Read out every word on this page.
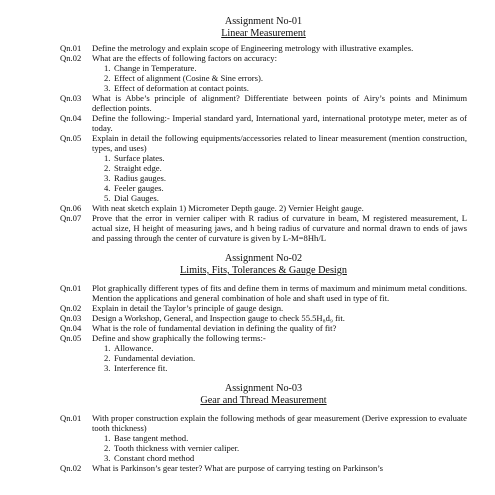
Assignment No-01
Linear Measurement
Qn.01 Define the metrology and explain scope of Engineering metrology with illustrative examples.
Qn.02 What are the effects of following factors on accuracy:
1. Change in Temperature.
2. Effect of alignment (Cosine & Sine errors).
3. Effect of deformation at contact points.
Qn.03 What is Abbe’s principle of alignment? Differentiate between points of Airy’s points and Minimum deflection points.
Qn.04 Define the following:- Imperial standard yard, International yard, international prototype meter, meter as of today.
Qn.05 Explain in detail the following equipments/accessories related to linear measurement (mention construction, types, and uses)
1. Surface plates.
2. Straight edge.
3. Radius gauges.
4. Feeler gauges.
5. Dial Gauges.
Qn.06 With neat sketch explain 1) Micrometer Depth gauge. 2) Vernier Height gauge.
Qn.07 Prove that the error in vernier caliper with R radius of curvature in beam, M registered measurement, L actual size, H height of measuring jaws, and h being radius of curvature and normal drawn to ends of jaws and passing through the center of curvature is given by L-M=8Hh/L
Assignment No-02
Limits, Fits, Tolerances & Gauge Design
Qn.01 Plot graphically different types of fits and define them in terms of maximum and minimum metal conditions. Mention the applications and general combination of hole and shaft used in type of fit.
Qn.02 Explain in detail the Taylor’s principle of gauge design.
Qn.03 Design a Workshop, General, and Inspection gauge to check 55.5H₈d₉ fit.
Qn.04 What is the role of fundamental deviation in defining the quality of fit?
Qn.05 Define and show graphically the following terms:-
1. Allowance.
2. Fundamental deviation.
3. Interference fit.
Assignment No-03
Gear and Thread Measurement
Qn.01 With proper construction explain the following methods of gear measurement (Derive expression to evaluate tooth thickness)
1. Base tangent method.
2. Tooth thickness with vernier caliper.
3. Constant chord method
Qn.02 What is Parkinson’s gear tester? What are purpose of carrying testing on Parkinson’s
